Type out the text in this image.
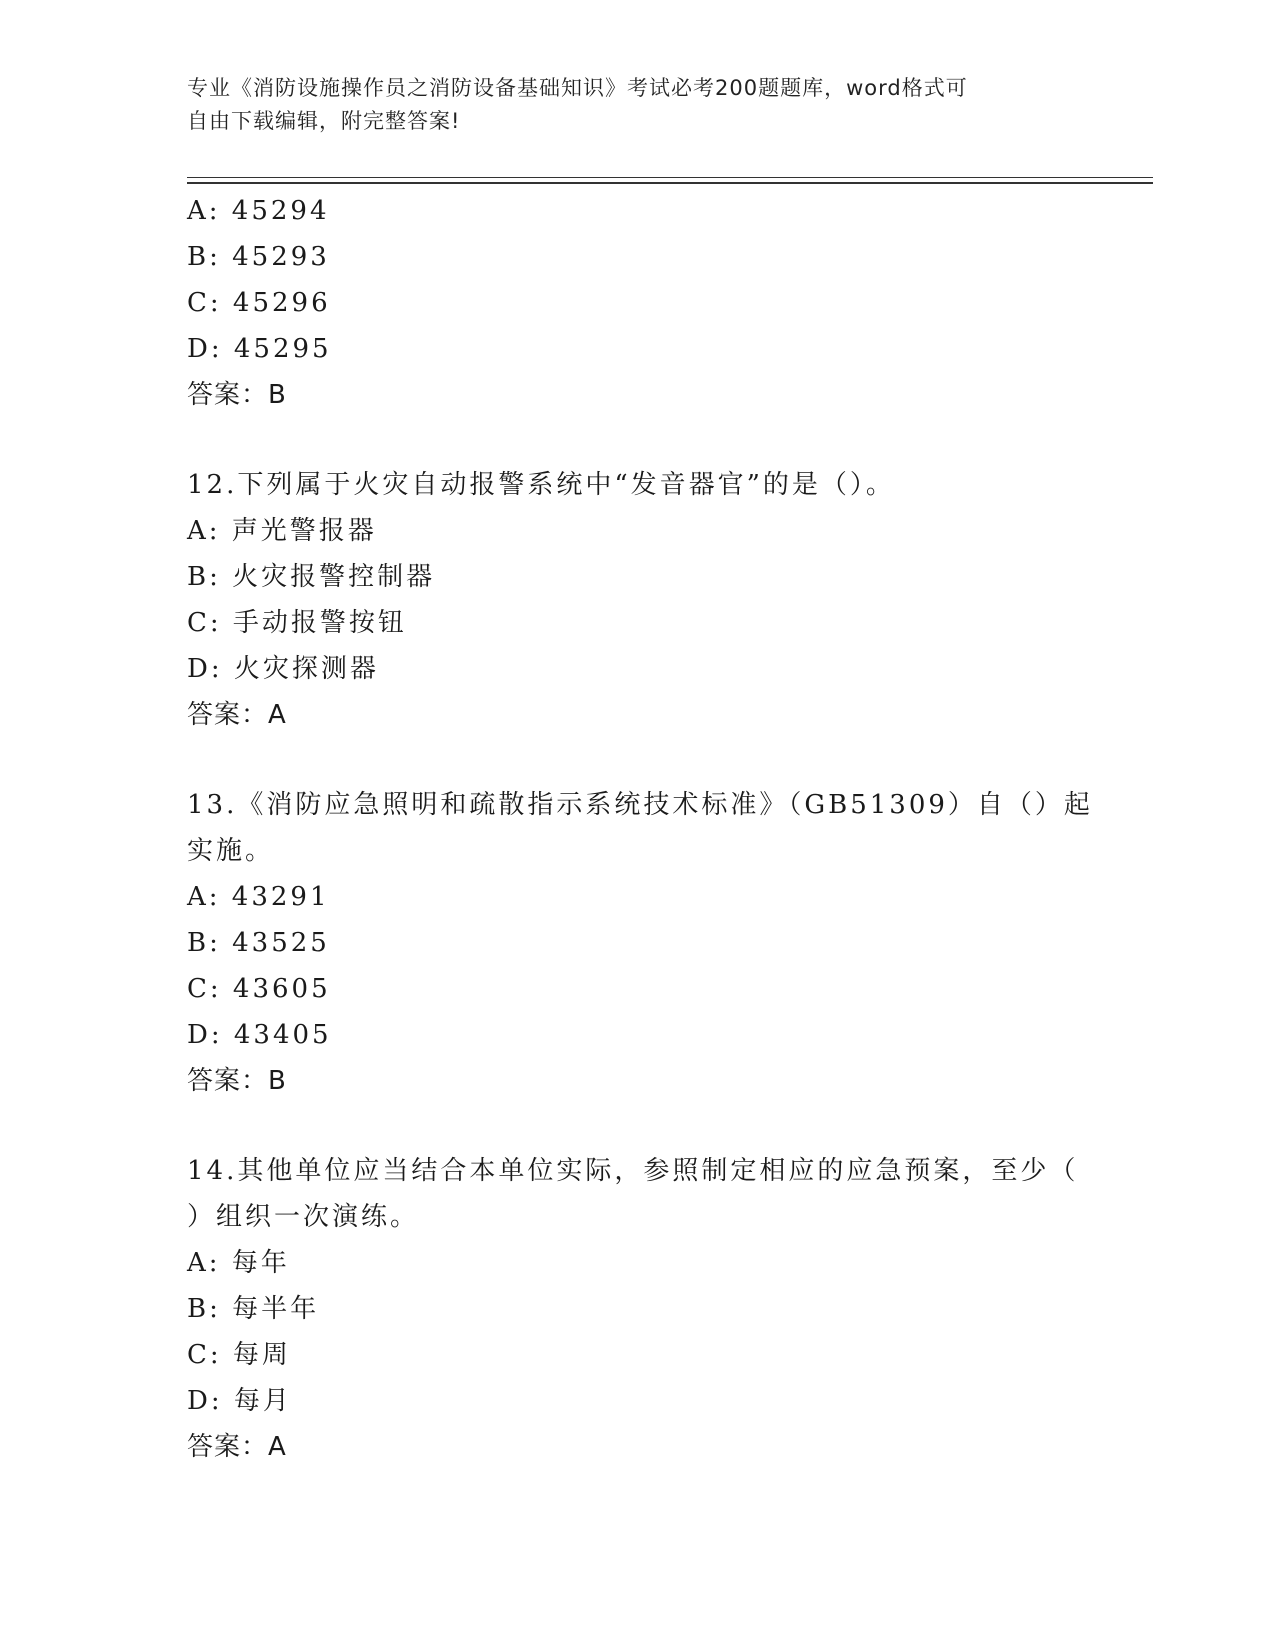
专业《消防设施操作员之消防设备基础知识》考试必考200题题库，word格式可
自由下载编辑，附完整答案!
A: 45294
B: 45293
C: 45296
D: 45295
答案：B
12.下列属于火灾自动报警系统中“发音器官”的是（）。
A: 声光警报器
B: 火灾报警控制器
C: 手动报警按钮
D: 火灾探测器
答案：A
13.《消防应急照明和疏散指示系统技术标准》（GB51309）自（）起
实施。
A: 43291
B: 43525
C: 43605
D: 43405
答案：B
14.其他单位应当结合本单位实际，参照制定相应的应急预案，至少（
）组织一次演练。
A: 每年
B: 每半年
C: 每周
D: 每月
答案：A
